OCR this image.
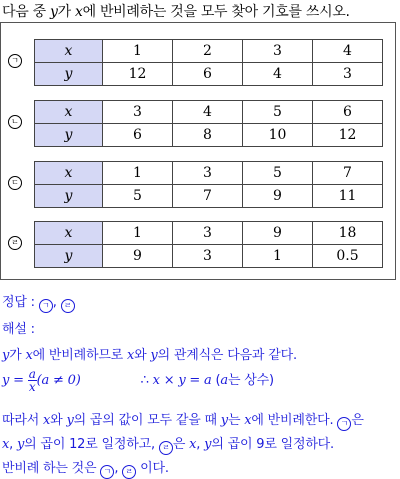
다음 중 y가 x에 반비례하는 것을 모두 찾아 기호를 쓰시오.
ㄱ
x	1	2	3	4
y	12	6	4	3
ㄴ
x	3	4	5	6
y	6	8	10	12
ㄷ
x	1	3	5	7
y	5	7	9	11
ㄹ
x	1	3	9	18
y	9	3	1	0.5
정답 : ㄱ , ㄹ
해설 :
y가 x에 반비례하므로 x와 y의 관계식은 다음과 같다.
$y = \frac{a}{x} (a \ne 0)$	∴ x × y = a (a는 상수)
따라서 x와 y의 곱의 값이 모두 같을 때 y는 x에 반비례한다. ㄱ 은
x, y의 곱이 12로 일정하고, ㄹ 은 x, y의 곱이 9로 일정하다.
반비례 하는 것은 ㄱ , ㄹ 이다.
